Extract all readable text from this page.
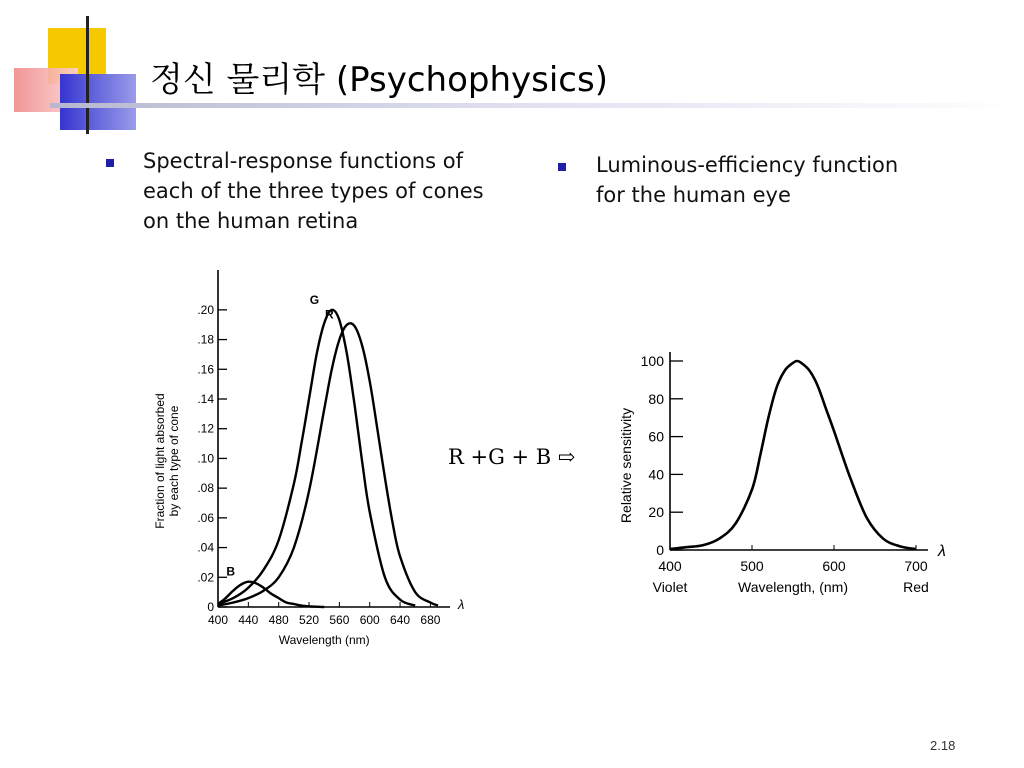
정신 물리학 (Psychophysics)
Spectral-response functions of
each of the three types of cones
on the human retina
Luminous-efficiency function
for the human eye
0
.02
.04
.06
.08
.10
.12
.14
.16
.18
.20
400 440 480 520 560 600 640 680
B
G
R
Wavelength (nm)
λ
Fraction of light absorbedby each type of cone	R +G + B ⇨
0
20
40
60
80
100
400
Violet
500	600	700
Red
Wavelength, (nm)
λ
Relative sensitivity
2.18
